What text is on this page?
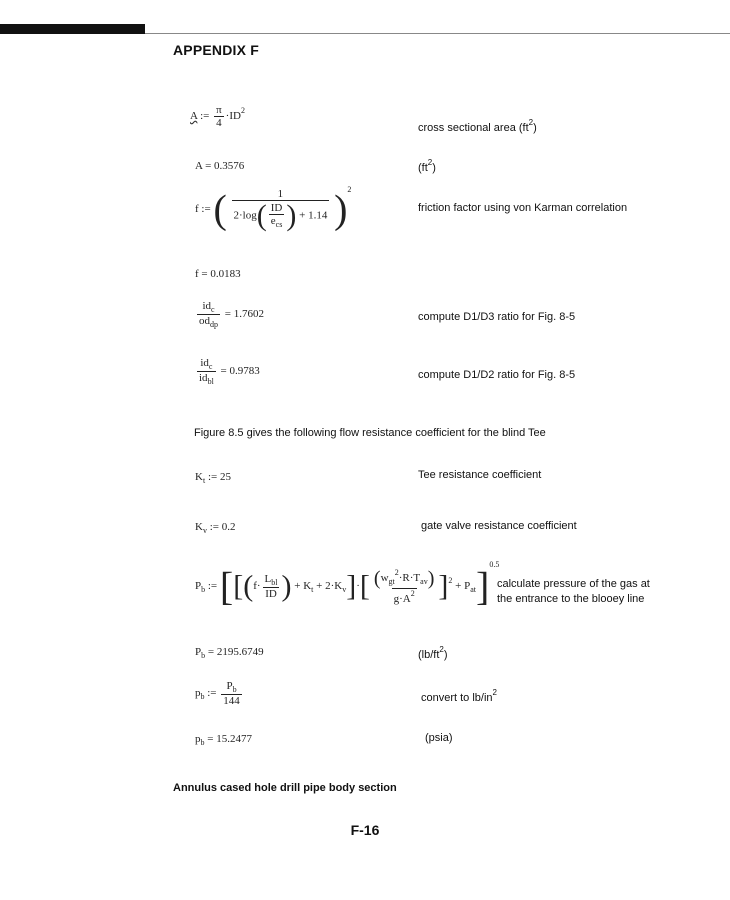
APPENDIX F
A := $\frac{\pi}{4} \cdot ID^2$
cross sectional area $(ft^2)$
A = 0.3576	$(ft^2)$
f := ( $\frac{1}{2\cdot\log( \frac{ID}{e_{cs}} ) + 1.14} )^2$
friction factor using von Karman correlation
f = 0.0183
$\frac{id_c}{od_{dp}} = 1.7602$	compute D1/D3 ratio for Fig. 8-5
$\frac{id_c}{id_{bl}} = 0.9783$	compute D1/D2 ratio for Fig. 8-5
Figure 8.5 gives the following flow resistance coefficient for the blind Tee
$K_t$ := 25	Tee resistance coefficient
$K_v$ := 0.2	gate valve resistance coefficient
$P_b$ := [[($f\cdot \frac{L_{bl}}{ID}$ ) + $K_t + 2\cdot K_v]\cdot[ \frac{(w_{gt}^2\cdot R\cdot T_{av})}{g\cdot A^2} ]^2 + P_{at}]^{0.5}$
calculate pressure of the gas at
the entrance to the blooey line
$P_b = 2195.6749$	$(lb/ft^2)$
$p_b$ := $\frac{P_b}{144}$	convert to $lb/in^2$
$p_b = 15.2477$	(psia)
Annulus cased hole drill pipe body section
F-16
